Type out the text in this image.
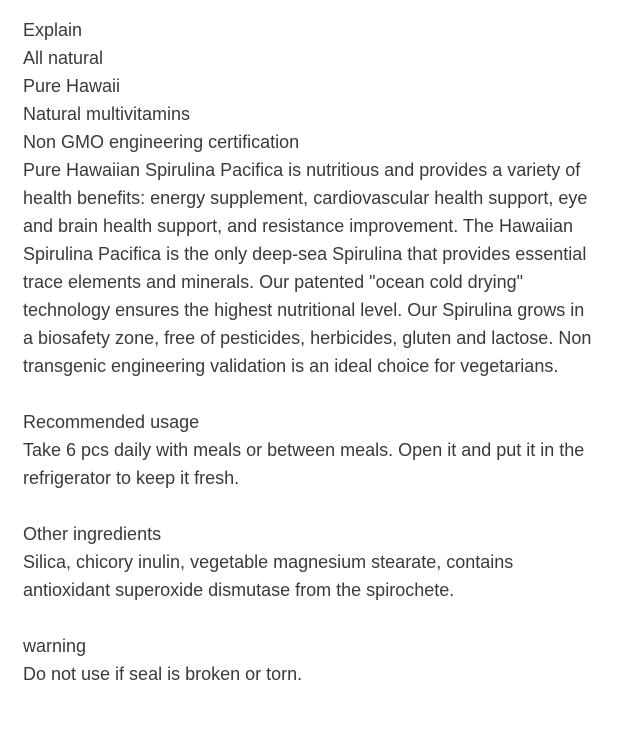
Explain
All natural
Pure Hawaii
Natural multivitamins
Non GMO engineering certification
Pure Hawaiian Spirulina Pacifica is nutritious and provides a variety of health benefits: energy supplement, cardiovascular health support, eye and brain health support, and resistance improvement. The Hawaiian Spirulina Pacifica is the only deep-sea Spirulina that provides essential trace elements and minerals. Our patented "ocean cold drying" technology ensures the highest nutritional level. Our Spirulina grows in a biosafety zone, free of pesticides, herbicides, gluten and lactose. Non transgenic engineering validation is an ideal choice for vegetarians.
Recommended usage
Take 6 pcs daily with meals or between meals. Open it and put it in the refrigerator to keep it fresh.
Other ingredients
Silica, chicory inulin, vegetable magnesium stearate, contains antioxidant superoxide dismutase from the spirochete.
warning
Do not use if seal is broken or torn.
